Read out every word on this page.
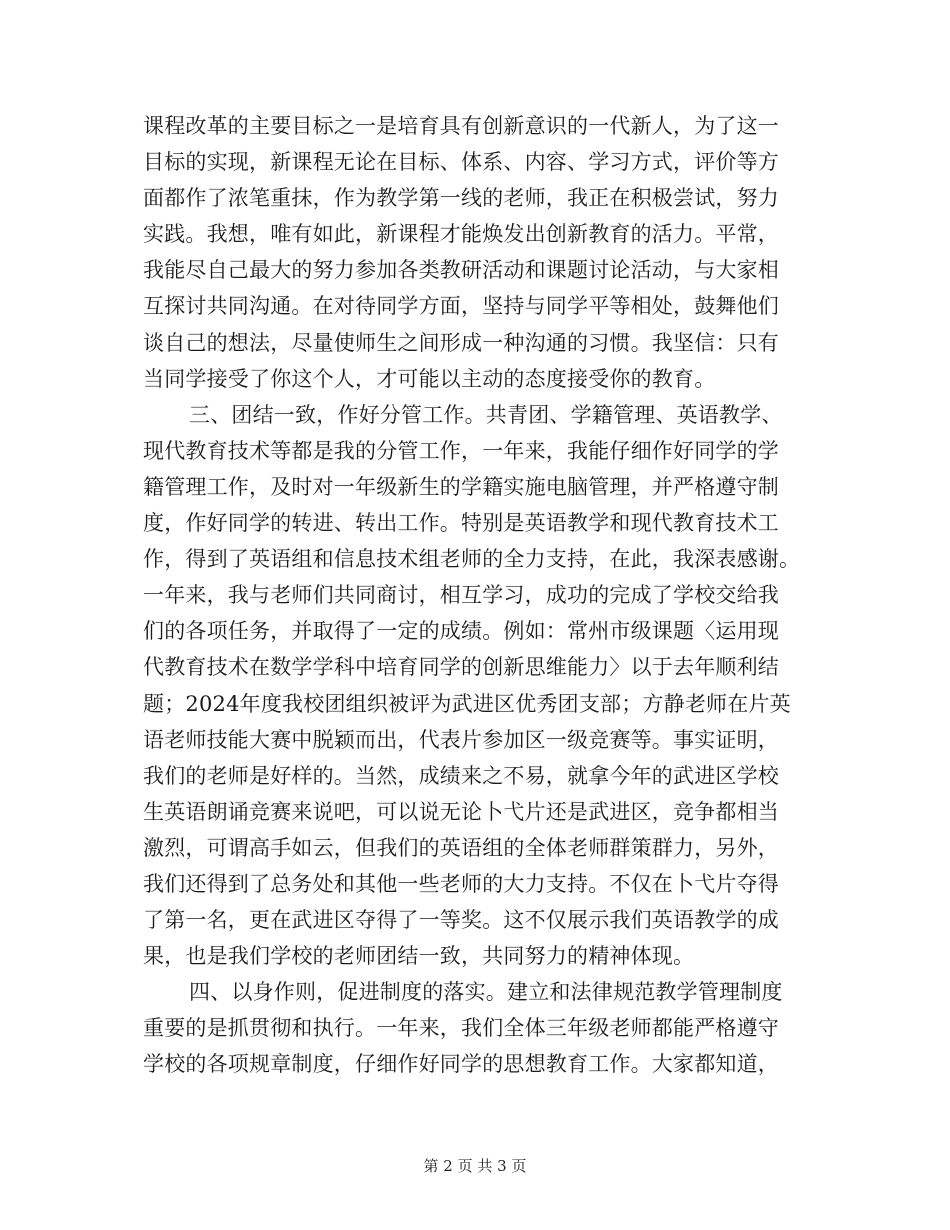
课程改革的主要目标之一是培育具有创新意识的一代新人，为了这一
目标的实现，新课程无论在目标、体系、内容、学习方式，评价等方
面都作了浓笔重抹，作为教学第一线的老师，我正在积极尝试，努力
实践。我想，唯有如此，新课程才能焕发出创新教育的活力。平常，
我能尽自己最大的努力参加各类教研活动和课题讨论活动，与大家相
互探讨共同沟通。在对待同学方面，坚持与同学平等相处，鼓舞他们
谈自己的想法，尽量使师生之间形成一种沟通的习惯。我坚信：只有
当同学接受了你这个人，才可能以主动的态度接受你的教育。
三、团结一致，作好分管工作。共青团、学籍管理、英语教学、
现代教育技术等都是我的分管工作，一年来，我能仔细作好同学的学
籍管理工作，及时对一年级新生的学籍实施电脑管理，并严格遵守制
度，作好同学的转进、转出工作。特别是英语教学和现代教育技术工
作，得到了英语组和信息技术组老师的全力支持，在此，我深表感谢。
一年来，我与老师们共同商讨，相互学习，成功的完成了学校交给我
们的各项任务，并取得了一定的成绩。例如：常州市级课题〈运用现
代教育技术在数学学科中培育同学的创新思维能力〉以于去年顺利结
题；2024年度我校团组织被评为武进区优秀团支部；方静老师在片英
语老师技能大赛中脱颖而出，代表片参加区一级竞赛等。事实证明，
我们的老师是好样的。当然，成绩来之不易，就拿今年的武进区学校
生英语朗诵竞赛来说吧，可以说无论卜弋片还是武进区，竞争都相当
激烈，可谓高手如云，但我们的英语组的全体老师群策群力，另外，
我们还得到了总务处和其他一些老师的大力支持。不仅在卜弋片夺得
了第一名，更在武进区夺得了一等奖。这不仅展示我们英语教学的成
果，也是我们学校的老师团结一致，共同努力的精神体现。
四、以身作则，促进制度的落实。建立和法律规范教学管理制度
重要的是抓贯彻和执行。一年来，我们全体三年级老师都能严格遵守
学校的各项规章制度，仔细作好同学的思想教育工作。大家都知道，
第 2 页 共 3 页
